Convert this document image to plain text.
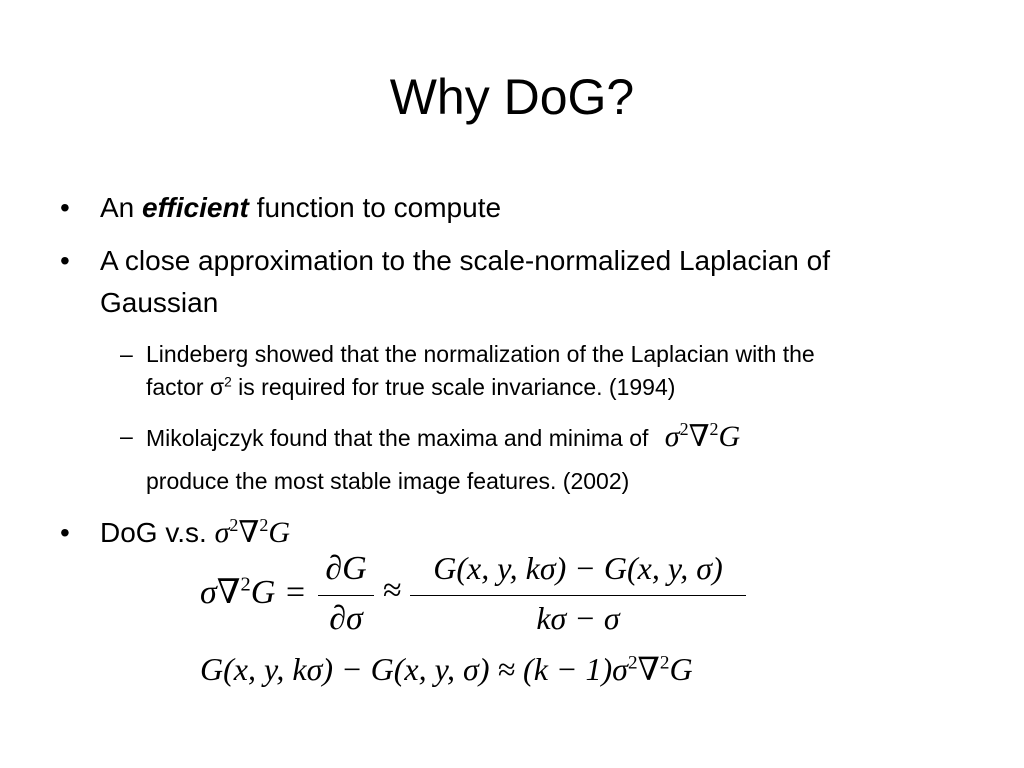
Why DoG?
•	An efficient function to compute
•	A close approximation to the scale-normalized Laplacian of
Gaussian
– Lindeberg showed that the normalization of the Laplacian with the
factor $\sigma^2$ is required for true scale invariance. (1994)
– Mikolajczyk found that the maxima and minima of $\sigma^2\nabla^2G$
produce the most stable image features. (2002)
•	DoG v.s. $\sigma^2\nabla^2G$
σ∇$^2$G =
∂G
∂σ
≈
G(x, y, kσ) − G(x, y, σ)
kσ − σ
G(x, y, kσ) − G(x, y, $\sigma) \approx (k - 1)\sigma^2\nabla^2G$
